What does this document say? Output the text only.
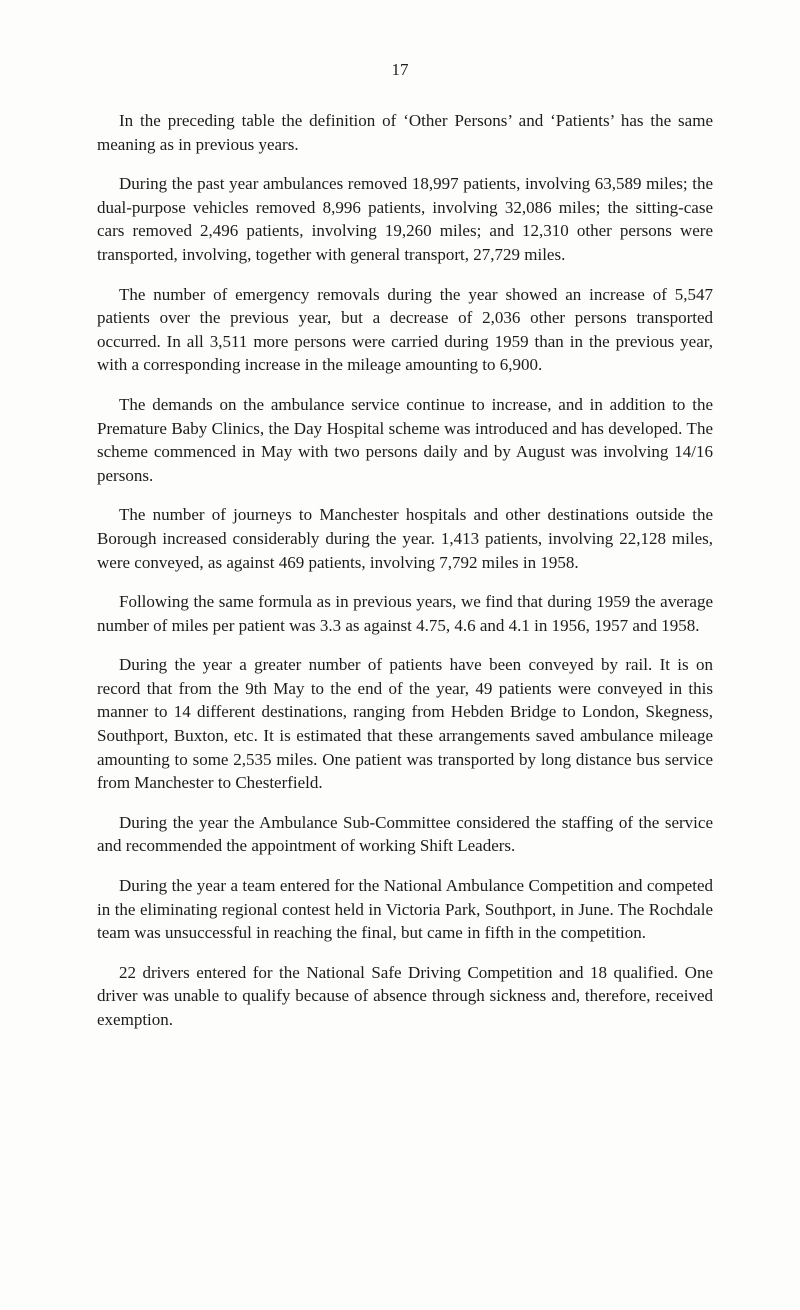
17

In the preceding table the definition of ‘Other Persons’ and ‘Patients’ has the same meaning as in previous years.

During the past year ambulances removed 18,997 patients, involving 63,589 miles; the dual-purpose vehicles removed 8,996 patients, involving 32,086 miles; the sitting-case cars removed 2,496 patients, involving 19,260 miles; and 12,310 other persons were transported, involving, together with general transport, 27,729 miles.

The number of emergency removals during the year showed an increase of 5,547 patients over the previous year, but a decrease of 2,036 other persons transported occurred. In all 3,511 more persons were carried during 1959 than in the previous year, with a corresponding increase in the mileage amounting to 6,900.

The demands on the ambulance service continue to increase, and in addition to the Premature Baby Clinics, the Day Hospital scheme was introduced and has developed. The scheme commenced in May with two persons daily and by August was involving 14/16 persons.

The number of journeys to Manchester hospitals and other destinations outside the Borough increased considerably during the year. 1,413 patients, involving 22,128 miles, were conveyed, as against 469 patients, involving 7,792 miles in 1958.

Following the same formula as in previous years, we find that during 1959 the average number of miles per patient was 3.3 as against 4.75, 4.6 and 4.1 in 1956, 1957 and 1958.

During the year a greater number of patients have been conveyed by rail. It is on record that from the 9th May to the end of the year, 49 patients were conveyed in this manner to 14 different destinations, ranging from Hebden Bridge to London, Skegness, Southport, Buxton, etc. It is estimated that these arrangements saved ambulance mileage amounting to some 2,535 miles. One patient was transported by long distance bus service from Manchester to Chesterfield.

During the year the Ambulance Sub-Committee considered the staffing of the service and recommended the appointment of working Shift Leaders.

During the year a team entered for the National Ambulance Competition and competed in the eliminating regional contest held in Victoria Park, Southport, in June. The Rochdale team was unsuccessful in reaching the final, but came in fifth in the competition.

22 drivers entered for the National Safe Driving Competition and 18 qualified. One driver was unable to qualify because of absence through sickness and, therefore, received exemption.
